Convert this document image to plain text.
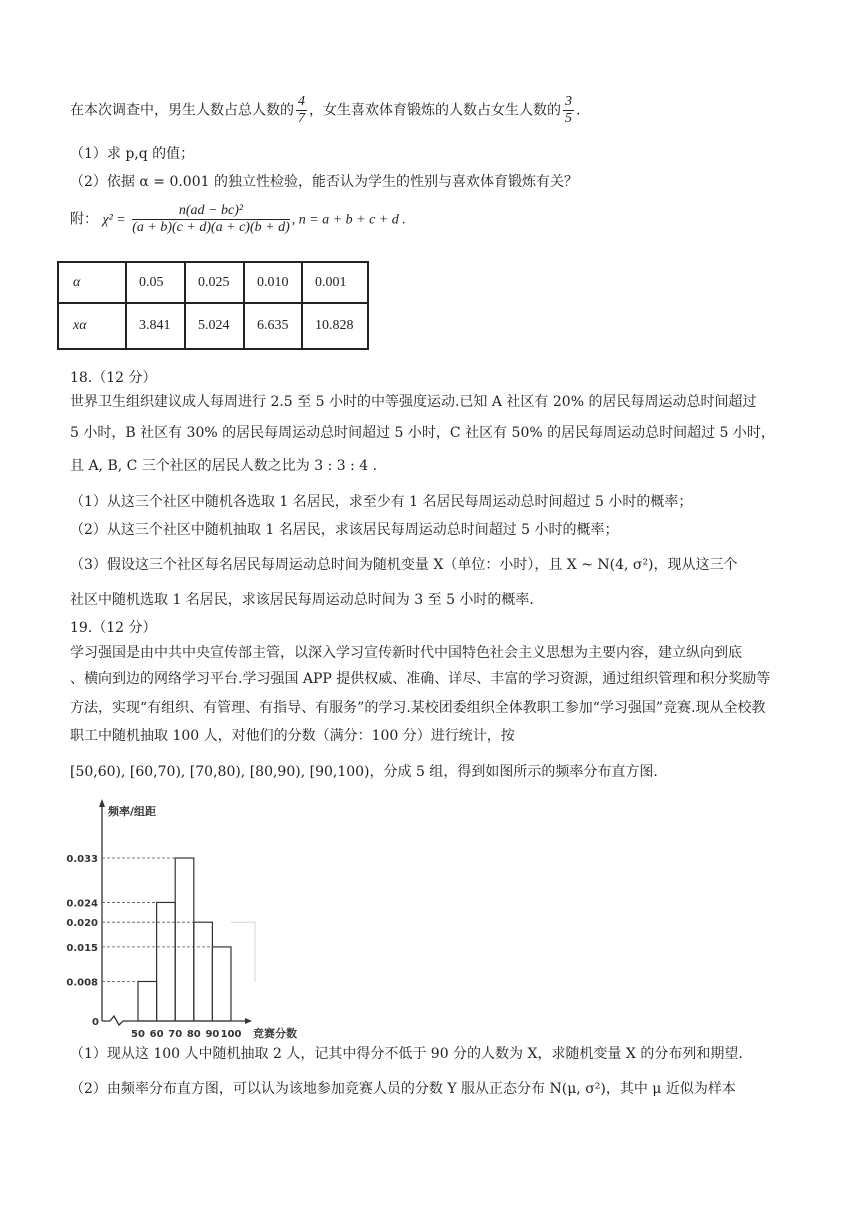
在本次调查中，男生人数占总人数的 $\frac{4}{7}$ ，女生喜欢体育锻炼的人数占女生人数的 $\frac{3}{5}$ .
（1）求 p,q 的值；
（2）依据 α = 0.001 的独立性检验，能否认为学生的性别与喜欢体育锻炼有关？
附： $\chi^2 = \frac{\text{n(ad − bc)²}}{(a + b)(c + d)(a + c)(b + d)}$ , n = a + b + c + d .
α	0.05	0.025	0.010	0.001
xα	3.841	5.024	6.635	10.828
18.（12 分）
世界卫生组织建议成人每周进行 2.5 至 5 小时的中等强度运动.已知 A 社区有 20% 的居民每周运动总时间超过
5 小时，B 社区有 30% 的居民每周运动总时间超过 5 小时，C 社区有 50% 的居民每周运动总时间超过 5 小时，
且 A, B, C 三个社区的居民人数之比为 3 : 3 : 4 .
（1）从这三个社区中随机各选取 1 名居民，求至少有 1 名居民每周运动总时间超过 5 小时的概率；
（2）从这三个社区中随机抽取 1 名居民，求该居民每周运动总时间超过 5 小时的概率；
（3）假设这三个社区每名居民每周运动总时间为随机变量 X（单位：小时），且 X ~ N(4, σ²)，现从这三个
社区中随机选取 1 名居民，求该居民每周运动总时间为 3 至 5 小时的概率.
19.（12 分）
学习强国是由中共中央宣传部主管，以深入学习宣传新时代中国特色社会主义思想为主要内容，建立纵向到底
、横向到边的网络学习平台.学习强国 APP 提供权威、准确、详尽、丰富的学习资源，通过组织管理和积分奖励等
方法，实现“有组织、有管理、有指导、有服务”的学习.某校团委组织全体教职工参加“学习强国”竞赛.现从全校教
职工中随机抽取 100 人，对他们的分数（满分：100 分）进行统计，按
[50,60), [60,70), [70,80), [80,90), [90,100)，分成 5 组，得到如图所示的频率分布直方图.
0.033
0.024
0.020
0.015
0.008
0
50 60 70 80 90 100
频率/组距
竞赛分数
（1）现从这 100 人中随机抽取 2 人，记其中得分不低于 90 分的人数为 X，求随机变量 X 的分布列和期望.
（2）由频率分布直方图，可以认为该地参加竞赛人员的分数 Y 服从正态分布 N(μ, σ²)，其中 μ 近似为样本
